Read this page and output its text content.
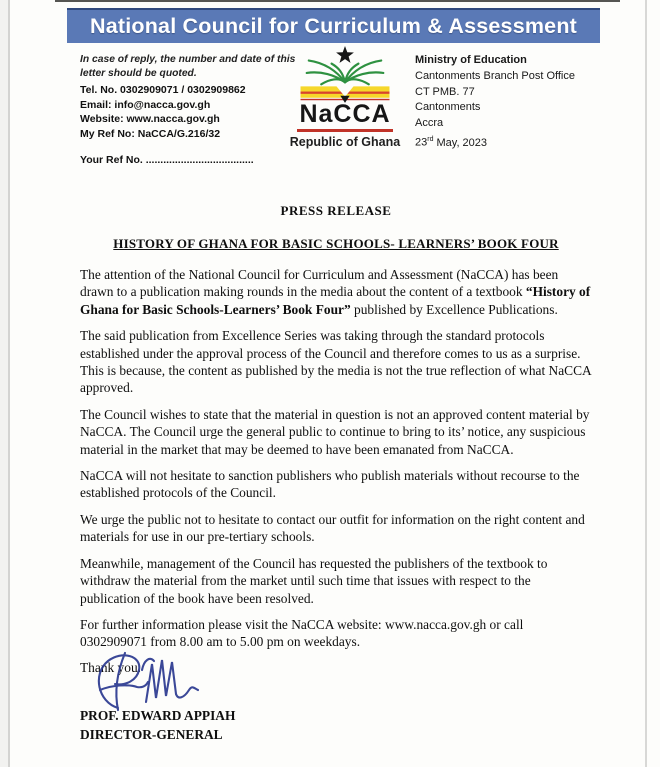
National Council for Curriculum & Assessment
In case of reply, the number and date of this
letter should be quoted.
Tel. No. 0302909071 / 0302909862
Email: info@nacca.gov.gh
Website: www.nacca.gov.gh
My Ref No: NaCCA/G.216/32
Your Ref No. .....................................
NaCCA
Republic of Ghana
Ministry of Education
Cantonments Branch Post Office
CT PMB. 77
Cantonments
Accra
23rd May, 2023
PRESS RELEASE
HISTORY OF GHANA FOR BASIC SCHOOLS- LEARNERS’ BOOK FOUR

The attention of the National Council for Curriculum and Assessment (NaCCA) has been drawn to a publication making rounds in the media about the content of a textbook “History of Ghana for Basic Schools-Learners’ Book Four” published by Excellence Publications.

The said publication from Excellence Series was taking through the standard protocols established under the approval process of the Council and therefore comes to us as a surprise. This is because, the content as published by the media is not the true reflection of what NaCCA approved.

The Council wishes to state that the material in question is not an approved content material by NaCCA. The Council urge the general public to continue to bring to its’ notice, any suspicious material in the market that may be deemed to have been emanated from NaCCA.

NaCCA will not hesitate to sanction publishers who publish materials without recourse to the established protocols of the Council.

We urge the public not to hesitate to contact our outfit for information on the right content and materials for use in our pre-tertiary schools.

Meanwhile, management of the Council has requested the publishers of the textbook to withdraw the material from the market until such time that issues with respect to the publication of the book have been resolved.

For further information please visit the NaCCA website: www.nacca.gov.gh or call 0302909071 from 8.00 am to 5.00 pm on weekdays.

Thank you.
PROF. EDWARD APPIAH
DIRECTOR-GENERAL
